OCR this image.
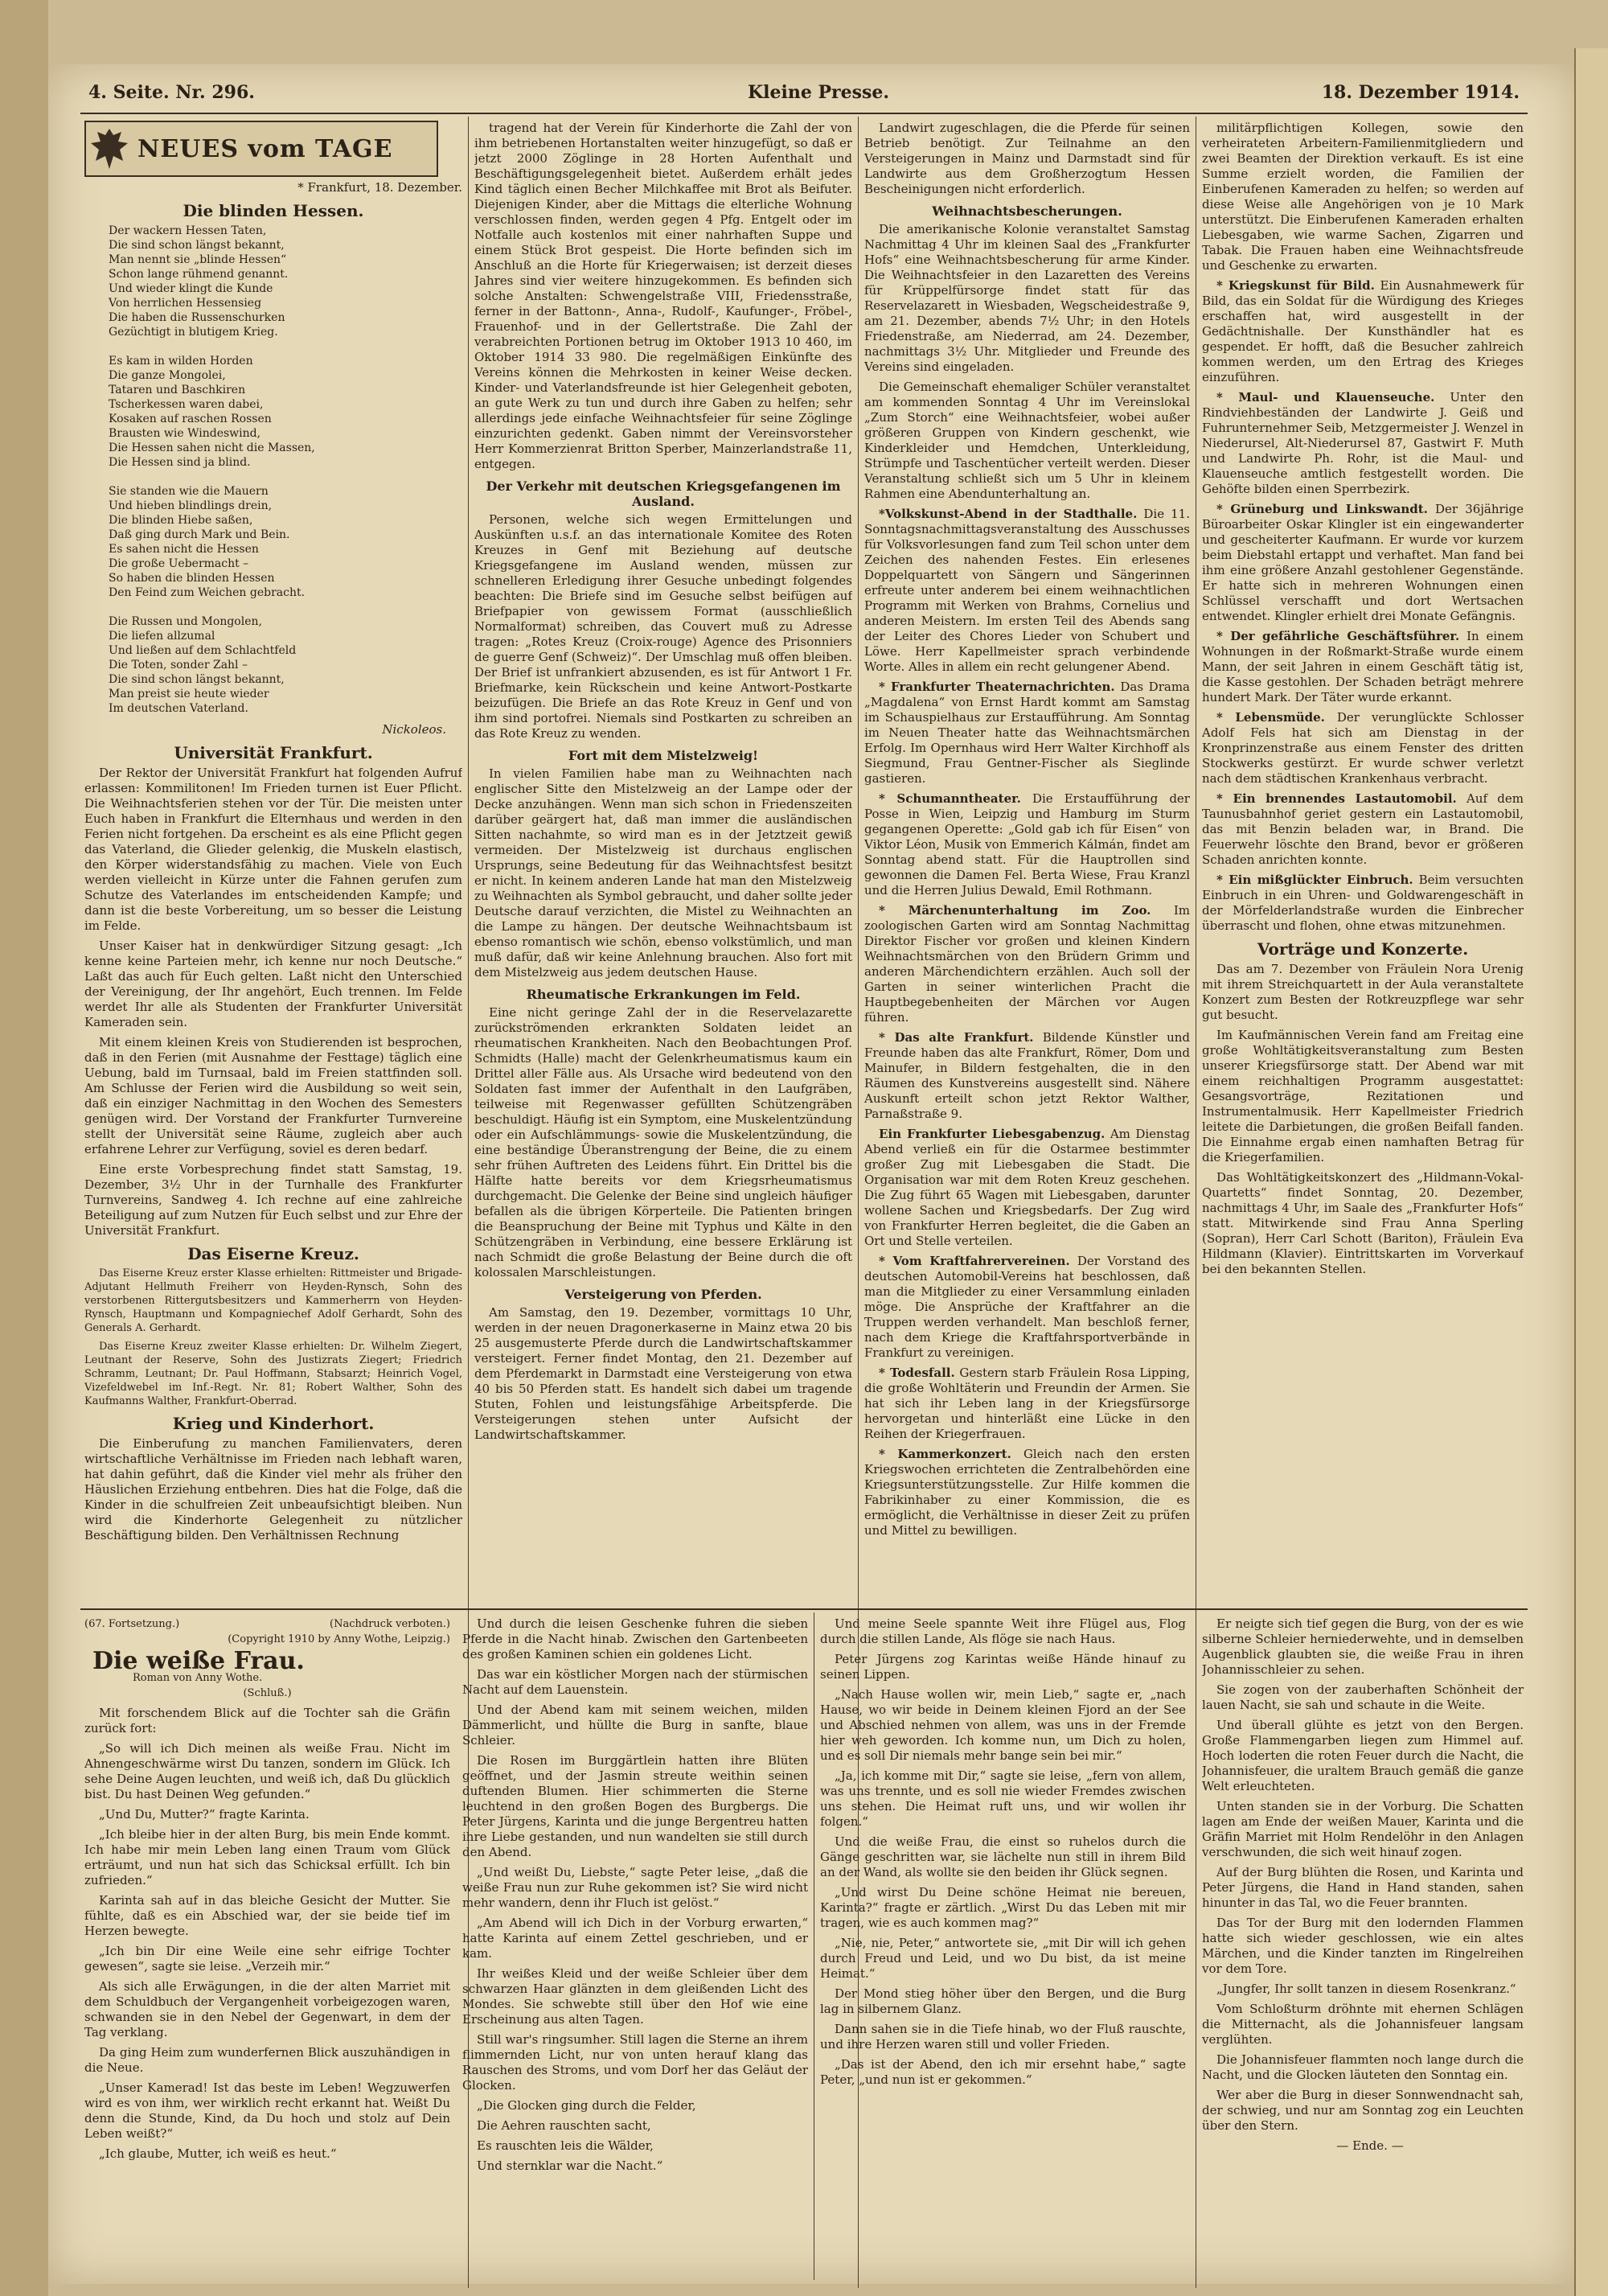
4. Seite. Nr. 296.	Kleine Presse.	18. Dezember 1914.
NEUES vom TAGE
* Frankfurt, 18. Dezember.
Die blinden Hessen.
Der wackern Hessen Taten,
Die sind schon längst bekannt,
Man nennt sie „blinde Hessen“
Schon lange rühmend genannt.
Und wieder klingt die Kunde
Von herrlichen Hessensieg
Die haben die Russenschurken
Gezüchtigt in blutigem Krieg.

Es kam in wilden Horden
Die ganze Mongolei,
Tataren und Baschkiren
Tscherkessen waren dabei,
Kosaken auf raschen Rossen
Brausten wie Windeswind,
Die Hessen sahen nicht die Massen,
Die Hessen sind ja blind.

Sie standen wie die Mauern
Und hieben blindlings drein,
Die blinden Hiebe saßen,
Daß ging durch Mark und Bein.
Es sahen nicht die Hessen
Die große Uebermacht –
So haben die blinden Hessen
Den Feind zum Weichen gebracht.

Die Russen und Mongolen,
Die liefen allzumal
Und ließen auf dem Schlachtfeld
Die Toten, sonder Zahl –
Die sind schon längst bekannt,
Man preist sie heute wieder
Im deutschen Vaterland.
Nickoleos.
Universität Frankfurt.

Der Rektor der Universität Frankfurt hat folgenden Aufruf erlassen: Kommilitonen! Im Frieden turnen ist Euer Pflicht. Die Weihnachtsferien stehen vor der Tür. Die meisten unter Euch haben in Frankfurt die Elternhaus und werden in den Ferien nicht fortgehen. Da erscheint es als eine Pflicht gegen das Vaterland, die Glieder gelenkig, die Muskeln elastisch, den Körper widerstandsfähig zu machen. Viele von Euch werden vielleicht in Kürze unter die Fahnen gerufen zum Schutze des Vaterlandes im entscheidenden Kampfe; und dann ist die beste Vorbereitung, um so besser die Leistung im Felde.

Unser Kaiser hat in denkwürdiger Sitzung gesagt: „Ich kenne keine Parteien mehr, ich kenne nur noch Deutsche.“ Laßt das auch für Euch gelten. Laßt nicht den Unterschied der Vereinigung, der Ihr angehört, Euch trennen. Im Felde werdet Ihr alle als Studenten der Frankfurter Universität Kameraden sein.

Mit einem kleinen Kreis von Studierenden ist besprochen, daß in den Ferien (mit Ausnahme der Festtage) täglich eine Uebung, bald im Turnsaal, bald im Freien stattfinden soll. Am Schlusse der Ferien wird die Ausbildung so weit sein, daß ein einziger Nachmittag in den Wochen des Semesters genügen wird. Der Vorstand der Frankfurter Turnvereine stellt der Universität seine Räume, zugleich aber auch erfahrene Lehrer zur Verfügung, soviel es deren bedarf.

Eine erste Vorbesprechung findet statt Samstag, 19. Dezember, 3½ Uhr in der Turnhalle des Frankfurter Turnvereins, Sandweg 4. Ich rechne auf eine zahlreiche Beteiligung auf zum Nutzen für Euch selbst und zur Ehre der Universität Frankfurt.

Das Eiserne Kreuz.

Das Eiserne Kreuz erster Klasse erhielten: Rittmeister und Brigade-Adjutant Hellmuth Freiherr von Heyden-Rynsch, Sohn des verstorbenen Rittergutsbesitzers und Kammerherrn von Heyden-Rynsch, Hauptmann und Kompagniechef Adolf Gerhardt, Sohn des Generals A. Gerhardt.

Das Eiserne Kreuz zweiter Klasse erhielten: Dr. Wilhelm Ziegert, Leutnant der Reserve, Sohn des Justizrats Ziegert; Friedrich Schramm, Leutnant; Dr. Paul Hoffmann, Stabsarzt; Heinrich Vogel, Vizefeldwebel im Inf.-Regt. Nr. 81; Robert Walther, Sohn des Kaufmanns Walther, Frankfurt-Oberrad.

Krieg und Kinderhort.

Die Einberufung zu manchen Familienvaters, deren wirtschaftliche Verhältnisse im Frieden nach lebhaft waren, hat dahin geführt, daß die Kinder viel mehr als früher den Häuslichen Erziehung entbehren. Dies hat die Folge, daß die Kinder in die schulfreien Zeit unbeaufsichtigt bleiben. Nun wird die Kinderhorte Gelegenheit zu nützlicher Beschäftigung bilden. Den Verhältnissen Rechnung

tragend hat der Verein für Kinderhorte die Zahl der von ihm betriebenen Hortanstalten weiter hinzugefügt, so daß er jetzt 2000 Zöglinge in 28 Horten Aufenthalt und Beschäftigungsgelegenheit bietet. Außerdem erhält jedes Kind täglich einen Becher Milchkaffee mit Brot als Beifuter. Diejenigen Kinder, aber die Mittags die elterliche Wohnung verschlossen finden, werden gegen 4 Pfg. Entgelt oder im Notfalle auch kostenlos mit einer nahrhaften Suppe und einem Stück Brot gespeist. Die Horte befinden sich im Anschluß an die Horte für Kriegerwaisen; ist derzeit dieses Jahres sind vier weitere hinzugekommen. Es befinden sich solche Anstalten: Schwengelstraße VIII, Friedensstraße, ferner in der Battonn-, Anna-, Rudolf-, Kaufunger-, Fröbel-, Frauenhof- und in der Gellertstraße. Die Zahl der verabreichten Portionen betrug im Oktober 1913 10 460, im Oktober 1914 33 980. Die regelmäßigen Einkünfte des Vereins können die Mehrkosten in keiner Weise decken. Kinder- und Vaterlandsfreunde ist hier Gelegenheit geboten, an gute Werk zu tun und durch ihre Gaben zu helfen; sehr allerdings jede einfache Weihnachtsfeier für seine Zöglinge einzurichten gedenkt. Gaben nimmt der Vereinsvorsteher Herr Kommerzienrat Britton Sperber, Mainzerlandstraße 11, entgegen.

Der Verkehr mit deutschen Kriegsgefangenen im Ausland.

Personen, welche sich wegen Ermittelungen und Auskünften u.s.f. an das internationale Komitee des Roten Kreuzes in Genf mit Beziehung auf deutsche Kriegsgefangene im Ausland wenden, müssen zur schnelleren Erledigung ihrer Gesuche unbedingt folgendes beachten: Die Briefe sind im Gesuche selbst beifügen auf Briefpapier von gewissem Format (ausschließlich Normalformat) schreiben, das Couvert muß zu Adresse tragen: „Rotes Kreuz (Croix-rouge) Agence des Prisonniers de guerre Genf (Schweiz)“. Der Umschlag muß offen bleiben. Der Brief ist unfrankiert abzusenden, es ist für Antwort 1 Fr. Briefmarke, kein Rückschein und keine Antwort-Postkarte beizufügen. Die Briefe an das Rote Kreuz in Genf und von ihm sind portofrei. Niemals sind Postkarten zu schreiben an das Rote Kreuz zu wenden.

Fort mit dem Mistelzweig!

In vielen Familien habe man zu Weihnachten nach englischer Sitte den Mistelzweig an der Lampe oder der Decke anzuhängen. Wenn man sich schon in Friedenszeiten darüber geärgert hat, daß man immer die ausländischen Sitten nachahmte, so wird man es in der Jetztzeit gewiß vermeiden. Der Mistelzweig ist durchaus englischen Ursprungs, seine Bedeutung für das Weihnachtsfest besitzt er nicht. In keinem anderen Lande hat man den Mistelzweig zu Weihnachten als Symbol gebraucht, und daher sollte jeder Deutsche darauf verzichten, die Mistel zu Weihnachten an die Lampe zu hängen. Der deutsche Weihnachtsbaum ist ebenso romantisch wie schön, ebenso volkstümlich, und man muß dafür, daß wir keine Anlehnung brauchen. Also fort mit dem Mistelzweig aus jedem deutschen Hause.

Rheumatische Erkrankungen im Feld.

Eine nicht geringe Zahl der in die Reservelazarette zurückströmenden erkrankten Soldaten leidet an rheumatischen Krankheiten. Nach den Beobachtungen Prof. Schmidts (Halle) macht der Gelenkrheumatismus kaum ein Drittel aller Fälle aus. Als Ursache wird bedeutend von den Soldaten fast immer der Aufenthalt in den Laufgräben, teilweise mit Regenwasser gefüllten Schützengräben beschuldigt. Häufig ist ein Symptom, eine Muskelentzündung oder ein Aufschlämmungs- sowie die Muskelentzündung, die eine beständige Überanstrengung der Beine, die zu einem sehr frühen Auftreten des Leidens führt. Ein Drittel bis die Hälfte hatte bereits vor dem Kriegsrheumatismus durchgemacht. Die Gelenke der Beine sind ungleich häufiger befallen als die übrigen Körperteile. Die Patienten bringen die Beanspruchung der Beine mit Typhus und Kälte in den Schützengräben in Verbindung, eine bessere Erklärung ist nach Schmidt die große Belastung der Beine durch die oft kolossalen Marschleistungen.

Versteigerung von Pferden.

Am Samstag, den 19. Dezember, vormittags 10 Uhr, werden in der neuen Dragonerkaserne in Mainz etwa 20 bis 25 ausgemusterte Pferde durch die Landwirtschaftskammer versteigert. Ferner findet Montag, den 21. Dezember auf dem Pferdemarkt in Darmstadt eine Versteigerung von etwa 40 bis 50 Pferden statt. Es handelt sich dabei um tragende Stuten, Fohlen und leistungsfähige Arbeitspferde. Die Versteigerungen stehen unter Aufsicht der Landwirtschaftskammer.

Landwirt zugeschlagen, die die Pferde für seinen Betrieb benötigt. Zur Teilnahme an den Versteigerungen in Mainz und Darmstadt sind für Landwirte aus dem Großherzogtum Hessen Bescheinigungen nicht erforderlich.

Weihnachtsbescherungen.

Die amerikanische Kolonie veranstaltet Samstag Nachmittag 4 Uhr im kleinen Saal des „Frankfurter Hofs“ eine Weihnachtsbescherung für arme Kinder. Die Weihnachtsfeier in den Lazaretten des Vereins für Krüppelfürsorge findet statt für das Reservelazarett in Wiesbaden, Wegscheidestraße 9, am 21. Dezember, abends 7½ Uhr; in den Hotels Friedenstraße, am Niederrad, am 24. Dezember, nachmittags 3½ Uhr. Mitglieder und Freunde des Vereins sind eingeladen.

Die Gemeinschaft ehemaliger Schüler veranstaltet am kommenden Sonntag 4 Uhr im Vereinslokal „Zum Storch“ eine Weihnachtsfeier, wobei außer größeren Gruppen von Kindern geschenkt, wie Kinderkleider und Hemdchen, Unterkleidung, Strümpfe und Taschentücher verteilt werden. Dieser Veranstaltung schließt sich um 5 Uhr in kleinem Rahmen eine Abendunterhaltung an.

*Volkskunst-Abend in der Stadthalle. Die 11. Sonntagsnachmittagsveranstaltung des Ausschusses für Volksvorlesungen fand zum Teil schon unter dem Zeichen des nahenden Festes. Ein erlesenes Doppelquartett von Sängern und Sängerinnen erfreute unter anderem bei einem weihnachtlichen Programm mit Werken von Brahms, Cornelius und anderen Meistern. Im ersten Teil des Abends sang der Leiter des Chores Lieder von Schubert und Löwe. Herr Kapellmeister sprach verbindende Worte. Alles in allem ein recht gelungener Abend.

* Frankfurter Theaternachrichten. Das Drama „Magdalena“ von Ernst Hardt kommt am Samstag im Schauspielhaus zur Erstaufführung. Am Sonntag im Neuen Theater hatte das Weihnachtsmärchen Erfolg. Im Opernhaus wird Herr Walter Kirchhoff als Siegmund, Frau Gentner-Fischer als Sieglinde gastieren.

* Schumanntheater. Die Erstaufführung der Posse in Wien, Leipzig und Hamburg im Sturm gegangenen Operette: „Gold gab ich für Eisen“ von Viktor Léon, Musik von Emmerich Kálmán, findet am Sonntag abend statt. Für die Hauptrollen sind gewonnen die Damen Fel. Berta Wiese, Frau Kranzl und die Herren Julius Dewald, Emil Rothmann.

* Märchenunterhaltung im Zoo. Im zoologischen Garten wird am Sonntag Nachmittag Direktor Fischer vor großen und kleinen Kindern Weihnachtsmärchen von den Brüdern Grimm und anderen Märchendichtern erzählen. Auch soll der Garten in seiner winterlichen Pracht die Hauptbegebenheiten der Märchen vor Augen führen.

* Das alte Frankfurt. Bildende Künstler und Freunde haben das alte Frankfurt, Römer, Dom und Mainufer, in Bildern festgehalten, die in den Räumen des Kunstvereins ausgestellt sind. Nähere Auskunft erteilt schon jetzt Rektor Walther, Parnaßstraße 9.

Ein Frankfurter Liebesgabenzug. Am Dienstag Abend verließ ein für die Ostarmee bestimmter großer Zug mit Liebesgaben die Stadt. Die Organisation war mit dem Roten Kreuz geschehen. Die Zug führt 65 Wagen mit Liebesgaben, darunter wollene Sachen und Kriegsbedarfs. Der Zug wird von Frankfurter Herren begleitet, die die Gaben an Ort und Stelle verteilen.

* Vom Kraftfahrervereinen. Der Vorstand des deutschen Automobil-Vereins hat beschlossen, daß man die Mitglieder zu einer Versammlung einladen möge. Die Ansprüche der Kraftfahrer an die Truppen werden verhandelt. Man beschloß ferner, nach dem Kriege die Kraftfahrsportverbände in Frankfurt zu vereinigen.

* Todesfall. Gestern starb Fräulein Rosa Lipping, die große Wohltäterin und Freundin der Armen. Sie hat sich ihr Leben lang in der Kriegsfürsorge hervorgetan und hinterläßt eine Lücke in den Reihen der Kriegerfrauen.

* Kammerkonzert. Gleich nach den ersten Kriegswochen errichteten die Zentralbehörden eine Kriegsunterstützungsstelle. Zur Hilfe kommen die Fabrikinhaber zu einer Kommission, die es ermöglicht, die Verhältnisse in dieser Zeit zu prüfen und Mittel zu bewilligen.

militärpflichtigen Kollegen, sowie den verheirateten Arbeitern-Familienmitgliedern und zwei Beamten der Direktion verkauft. Es ist eine Summe erzielt worden, die Familien der Einberufenen Kameraden zu helfen; so werden auf diese Weise alle Angehörigen von je 10 Mark unterstützt. Die Einberufenen Kameraden erhalten Liebesgaben, wie warme Sachen, Zigarren und Tabak. Die Frauen haben eine Weihnachtsfreude und Geschenke zu erwarten.

* Kriegskunst für Bild. Ein Ausnahmewerk für Bild, das ein Soldat für die Würdigung des Krieges erschaffen hat, wird ausgestellt in der Gedächtnishalle. Der Kunsthändler hat es gespendet. Er hofft, daß die Besucher zahlreich kommen werden, um den Ertrag des Krieges einzuführen.

* Maul- und Klauenseuche. Unter den Rindviehbeständen der Landwirte J. Geiß und Fuhrunternehmer Seib, Metzgermeister J. Wenzel in Niederursel, Alt-Niederursel 87, Gastwirt F. Muth und Landwirte Ph. Rohr, ist die Maul- und Klauenseuche amtlich festgestellt worden. Die Gehöfte bilden einen Sperrbezirk.

* Grüneburg und Linkswandt. Der 36jährige Büroarbeiter Oskar Klingler ist ein eingewanderter und gescheiterter Kaufmann. Er wurde vor kurzem beim Diebstahl ertappt und verhaftet. Man fand bei ihm eine größere Anzahl gestohlener Gegenstände. Er hatte sich in mehreren Wohnungen einen Schlüssel verschafft und dort Wertsachen entwendet. Klingler erhielt drei Monate Gefängnis.

* Der gefährliche Geschäftsführer. In einem Wohnungen in der Roßmarkt-Straße wurde einem Mann, der seit Jahren in einem Geschäft tätig ist, die Kasse gestohlen. Der Schaden beträgt mehrere hundert Mark. Der Täter wurde erkannt.

* Lebensmüde. Der verunglückte Schlosser Adolf Fels hat sich am Dienstag in der Kronprinzenstraße aus einem Fenster des dritten Stockwerks gestürzt. Er wurde schwer verletzt nach dem städtischen Krankenhaus verbracht.

* Ein brennendes Lastautomobil. Auf dem Taunusbahnhof geriet gestern ein Lastautomobil, das mit Benzin beladen war, in Brand. Die Feuerwehr löschte den Brand, bevor er größeren Schaden anrichten konnte.

* Ein mißglückter Einbruch. Beim versuchten Einbruch in ein Uhren- und Goldwarengeschäft in der Mörfelderlandstraße wurden die Einbrecher überrascht und flohen, ohne etwas mitzunehmen.

Vorträge und Konzerte.

Das am 7. Dezember von Fräulein Nora Urenig mit ihrem Streichquartett in der Aula veranstaltete Konzert zum Besten der Rotkreuzpflege war sehr gut besucht.

Im Kaufmännischen Verein fand am Freitag eine große Wohltätigkeitsveranstaltung zum Besten unserer Kriegsfürsorge statt. Der Abend war mit einem reichhaltigen Programm ausgestattet: Gesangsvorträge, Rezitationen und Instrumentalmusik. Herr Kapellmeister Friedrich leitete die Darbietungen, die großen Beifall fanden. Die Einnahme ergab einen namhaften Betrag für die Kriegerfamilien.

Das Wohltätigkeitskonzert des „Hildmann-Vokal-Quartetts“ findet Sonntag, 20. Dezember, nachmittags 4 Uhr, im Saale des „Frankfurter Hofs“ statt. Mitwirkende sind Frau Anna Sperling (Sopran), Herr Carl Schott (Bariton), Fräulein Eva Hildmann (Klavier). Eintrittskarten im Vorverkauf bei den bekannten Stellen.

(67. Fortsetzung.)	(Nachdruck verboten.)
(Copyright 1910 by Anny Wothe, Leipzig.)
Die weiße Frau.
Roman von Anny Wothe.
(Schluß.)

Mit forschendem Blick auf die Tochter sah die Gräfin zurück fort:

„So will ich Dich meinen als weiße Frau. Nicht im Ahnengeschwärme wirst Du tanzen, sondern im Glück. Ich sehe Deine Augen leuchten, und weiß ich, daß Du glücklich bist. Du hast Deinen Weg gefunden.“

„Und Du, Mutter?“ fragte Karinta.

„Ich bleibe hier in der alten Burg, bis mein Ende kommt. Ich habe mir mein Leben lang einen Traum vom Glück erträumt, und nun hat sich das Schicksal erfüllt. Ich bin zufrieden.“

Karinta sah auf in das bleiche Gesicht der Mutter. Sie fühlte, daß es ein Abschied war, der sie beide tief im Herzen bewegte.

„Ich bin Dir eine Weile eine sehr eifrige Tochter gewesen“, sagte sie leise. „Verzeih mir.“

Als sich alle Erwägungen, in die der alten Marriet mit dem Schuldbuch der Vergangenheit vorbeigezogen waren, schwanden sie in den Nebel der Gegenwart, in dem der Tag verklang.

Da ging Heim zum wunderfernen Blick auszuhändigen in die Neue.

„Unser Kamerad! Ist das beste im Leben! Wegzuwerfen wird es von ihm, wer wirklich recht erkannt hat. Weißt Du denn die Stunde, Kind, da Du hoch und stolz auf Dein Leben weißt?“

„Ich glaube, Mutter, ich weiß es heut.“

Und durch die leisen Geschenke fuhren die sieben Pferde in die Nacht hinab. Zwischen den Gartenbeeten des großen Kaminen schien ein goldenes Licht.

Das war ein köstlicher Morgen nach der stürmischen Nacht auf dem Lauenstein.

Und der Abend kam mit seinem weichen, milden Dämmerlicht, und hüllte die Burg in sanfte, blaue Schleier.

Die Rosen im Burggärtlein hatten ihre Blüten geöffnet, und der Jasmin streute weithin seinen duftenden Blumen. Hier schimmerten die Sterne leuchtend in den großen Bogen des Burgbergs. Die Peter Jürgens, Karinta und die junge Bergentreu hatten ihre Liebe gestanden, und nun wandelten sie still durch den Abend.

„Und weißt Du, Liebste,“ sagte Peter leise, „daß die weiße Frau nun zur Ruhe gekommen ist? Sie wird nicht mehr wandern, denn ihr Fluch ist gelöst.“

„Am Abend will ich Dich in der Vorburg erwarten,“ hatte Karinta auf einem Zettel geschrieben, und er kam.

Ihr weißes Kleid und der weiße Schleier über dem schwarzen Haar glänzten in dem gleißenden Licht des Mondes. Sie schwebte still über den Hof wie eine Erscheinung aus alten Tagen.

Still war's ringsumher. Still lagen die Sterne an ihrem flimmernden Licht, nur von unten herauf klang das Rauschen des Stroms, und vom Dorf her das Geläut der Glocken.

„Die Glocken ging durch die Felder,

Die Aehren rauschten sacht,

Es rauschten leis die Wälder,

Und sternklar war die Nacht.“

Und meine Seele spannte Weit ihre Flügel aus, Flog durch die stillen Lande, Als flöge sie nach Haus.

Peter Jürgens zog Karintas weiße Hände hinauf zu seinen Lippen.

„Nach Hause wollen wir, mein Lieb,“ sagte er, „nach Hause, wo wir beide in Deinem kleinen Fjord an der See und Abschied nehmen von allem, was uns in der Fremde hier weh geworden. Ich komme nun, um Dich zu holen, und es soll Dir niemals mehr bange sein bei mir.“

„Ja, ich komme mit Dir,“ sagte sie leise, „fern von allem, was uns trennte, und es soll nie wieder Fremdes zwischen uns stehen. Die Heimat ruft uns, und wir wollen ihr folgen.“

Und die weiße Frau, die einst so ruhelos durch die Gänge geschritten war, sie lächelte nun still in ihrem Bild an der Wand, als wollte sie den beiden ihr Glück segnen.

„Und wirst Du Deine schöne Heimat nie bereuen, Karinta?“ fragte er zärtlich. „Wirst Du das Leben mit mir tragen, wie es auch kommen mag?“

„Nie, nie, Peter,“ antwortete sie, „mit Dir will ich gehen durch Freud und Leid, und wo Du bist, da ist meine Heimat.“

Der Mond stieg höher über den Bergen, und die Burg lag in silbernem Glanz.

Dann sahen sie in die Tiefe hinab, wo der Fluß rauschte, und ihre Herzen waren still und voller Frieden.

„Das ist der Abend, den ich mir ersehnt habe,“ sagte Peter, „und nun ist er gekommen.“

Er neigte sich tief gegen die Burg, von der es wie silberne Schleier herniederwehte, und in demselben Augenblick glaubten sie, die weiße Frau in ihren Johannisschleier zu sehen.

Sie zogen von der zauberhaften Schönheit der lauen Nacht, sie sah und schaute in die Weite.

Und überall glühte es jetzt von den Bergen. Große Flammengarben liegen zum Himmel auf. Hoch loderten die roten Feuer durch die Nacht, die Johannisfeuer, die uraltem Brauch gemäß die ganze Welt erleuchteten.

Unten standen sie in der Vorburg. Die Schatten lagen am Ende der weißen Mauer, Karinta und die Gräfin Marriet mit Holm Rendelöhr in den Anlagen verschwunden, die sich weit hinauf zogen.

Auf der Burg blühten die Rosen, und Karinta und Peter Jürgens, die Hand in Hand standen, sahen hinunter in das Tal, wo die Feuer brannten.

Das Tor der Burg mit den lodernden Flammen hatte sich wieder geschlossen, wie ein altes Märchen, und die Kinder tanzten im Ringelreihen vor dem Tore.

„Jungfer, Ihr sollt tanzen in diesem Rosenkranz.“

Vom Schloßturm dröhnte mit ehernen Schlägen die Mitternacht, als die Johannisfeuer langsam verglühten.

Die Johannisfeuer flammten noch lange durch die Nacht, und die Glocken läuteten den Sonntag ein.

Wer aber die Burg in dieser Sonnwendnacht sah, der schwieg, und nur am Sonntag zog ein Leuchten über den Stern.

— Ende. —
